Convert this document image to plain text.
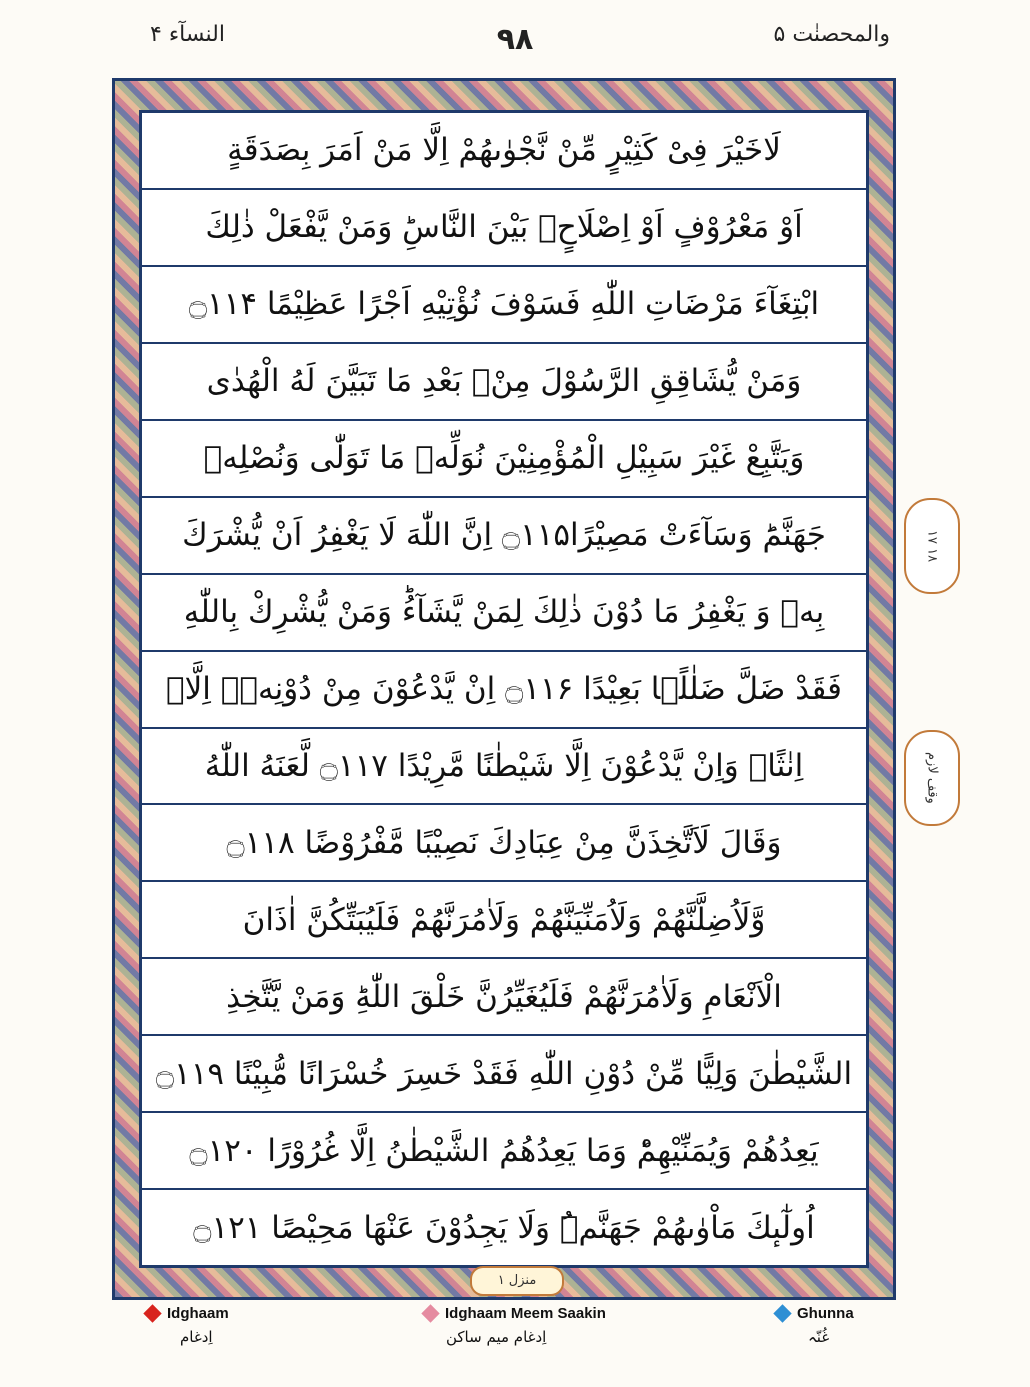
النسآء ۴	۹۸	والمحصنٰت ۵
لَاخَيْرَ فِیْ كَثِیْرٍ مِّنْ نَّجْوٰىهُمْ اِلَّا مَنْ اَمَرَ بِصَدَقَةٍ
اَوْ مَعْرُوْفٍ اَوْ اِصْلَاحٍۭ بَیْنَ النَّاسِؕ وَمَنْ یَّفْعَلْ ذٰلِكَ
ابْتِغَآءَ مَرْضَاتِ اللّٰهِ فَسَوْفَ نُؤْتِیْهِ اَجْرًا عَظِیْمًا ۝۱۱۴
وَمَنْ یُّشَاقِقِ الرَّسُوْلَ مِنْۢ بَعْدِ مَا تَبَیَّنَ لَهُ الْهُدٰى
وَیَتَّبِعْ غَیْرَ سَبِیْلِ الْمُؤْمِنِیْنَ نُوَلِّهٖ مَا تَوَلّٰى وَنُصْلِهٖ
جَهَنَّمَؕ وَسَآءَتْ مَصِیْرًا۝۱۱۵ اِنَّ اللّٰهَ لَا یَغْفِرُ اَنْ یُّشْرَكَ
بِهٖ وَ یَغْفِرُ مَا دُوْنَ ذٰلِكَ لِمَنْ یَّشَآءُؕ وَمَنْ یُّشْرِكْ بِاللّٰهِ
فَقَدْ ضَلَّ ضَلٰلًۢا بَعِیْدًا ۝۱۱۶ اِنْ یَّدْعُوْنَ مِنْ دُوْنِهٖۤ اِلَّاۤ
اِنٰثًاۚ وَاِنْ یَّدْعُوْنَ اِلَّا شَیْطٰنًا مَّرِیْدًا ۝۱۱۷ لَّعَنَهُ اللّٰهُ
وَقَالَ لَاَتَّخِذَنَّ مِنْ عِبَادِكَ نَصِیْبًا مَّفْرُوْضًا ۝۱۱۸
وَّلَاُضِلَّنَّهُمْ وَلَاُمَنِّیَنَّهُمْ وَلَاٰمُرَنَّهُمْ فَلَیُبَتِّكُنَّ اٰذَانَ
الْاَنْعَامِ وَلَاٰمُرَنَّهُمْ فَلَیُغَیِّرُنَّ خَلْقَ اللّٰهِؕ وَمَنْ یَّتَّخِذِ
الشَّیْطٰنَ وَلِیًّا مِّنْ دُوْنِ اللّٰهِ فَقَدْ خَسِرَ خُسْرَانًا مُّبِیْنًا ۝۱۱۹
یَعِدُهُمْ وَیُمَنِّیْهِمْؕ وَمَا یَعِدُهُمُ الشَّیْطٰنُ اِلَّا غُرُوْرًا ۝۱۲۰
اُولٰٓىٕكَ مَاْوٰىهُمْ جَهَنَّمُ٘ وَلَا یَجِدُوْنَ عَنْهَا مَحِیْصًا ۝۱۲۱
۱۷ ۱۸
وقف لازم
منزل ۱
Idghaam
اِدغام
Idghaam Meem Saakin
اِدغام میم ساکن
Ghunna
غُنّہ
